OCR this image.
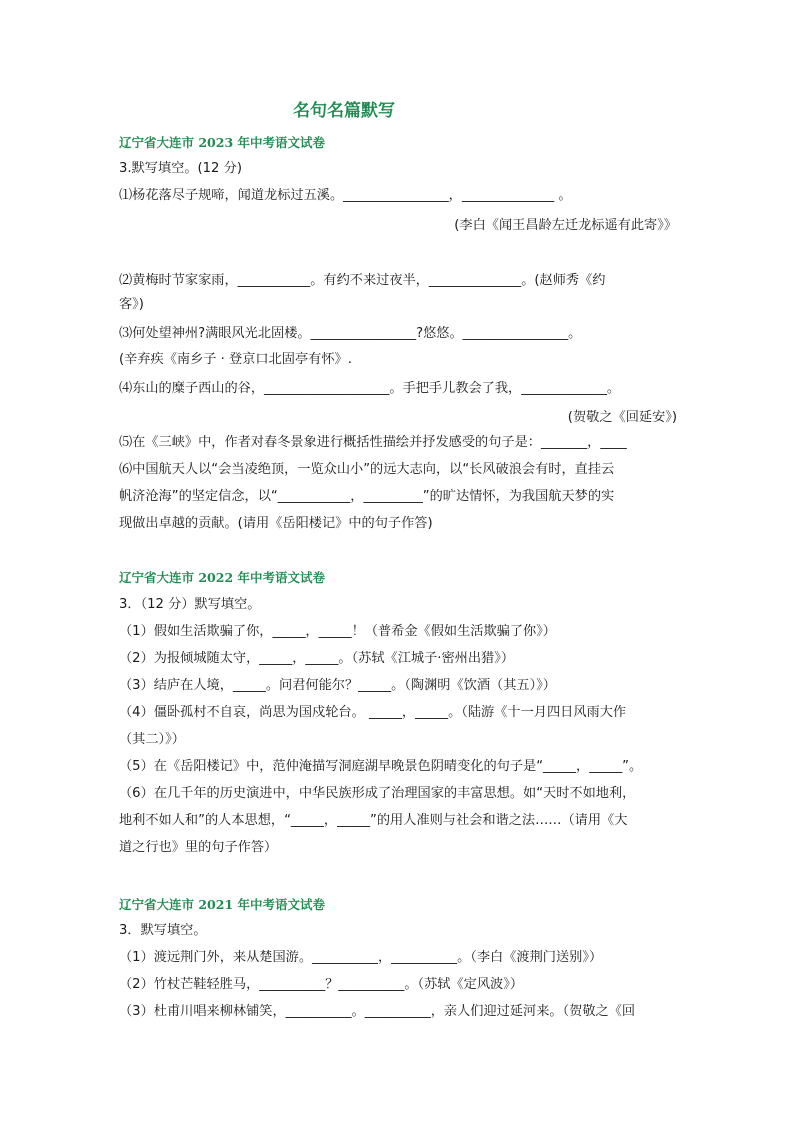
名句名篇默写
辽宁省大连市 2023 年中考语文试卷
3.默写填空。(12 分)
⑴杨花落尽子规啼，闻道龙标过五溪。________________，______________ 。
(李白《闻王昌龄左迁龙标遥有此寄》》
⑵黄梅时节家家雨，___________。有约不来过夜半，______________。(赵师秀《约
客》)
⑶何处望神州?满眼风光北固楼。________________?悠悠。________________。
(辛弃疾《南乡子 · 登京口北固亭有怀》.
⑷东山的糜子西山的谷，___________________。手把手儿教会了我，_____________。
(贺敬之《回延安》)
⑸在《三峡》中，作者对春冬景象进行概括性描绘并抒发感受的句子是：_______，____
⑹中国航天人以“会当凌绝顶，一览众山小”的远大志向，以“长风破浪会有时，直挂云
帆济沧海”的坚定信念，以“___________，_________”的旷达情怀，为我国航天梦的实
现做出卓越的贡献。(请用《岳阳楼记》中的句子作答)
辽宁省大连市 2022 年中考语文试卷
3．（12 分）默写填空。
（1）假如生活欺骗了你，_____，_____！（普希金《假如生活欺骗了你》）
（2）为报倾城随太守，_____，_____。（苏轼《江城子·密州出猎》）
（3）结庐在人境，_____。问君何能尔？_____。（陶渊明《饮酒（其五）》）
（4）僵卧孤村不自哀，尚思为国戍轮台。 _____，_____。（陆游《十一月四日风雨大作
（其二）》）
（5）在《岳阳楼记》中，范仲淹描写洞庭湖早晚景色阴晴变化的句子是“_____，_____”。
（6）在几千年的历史演进中，中华民族形成了治理国家的丰富思想。如“天时不如地利，
地利不如人和”的人本思想，“_____，_____”的用人准则与社会和谐之法……（请用《大
道之行也》里的句子作答）
辽宁省大连市 2021 年中考语文试卷
3．默写填空。
（1）渡远荆门外，来从楚国游。__________，__________。（李白《渡荆门送别》）
（2）竹杖芒鞋轻胜马，__________？__________。（苏轼《定风波》）
（3）杜甫川唱来柳林铺笑，__________。__________，亲人们迎过延河来。（贺敬之《回
